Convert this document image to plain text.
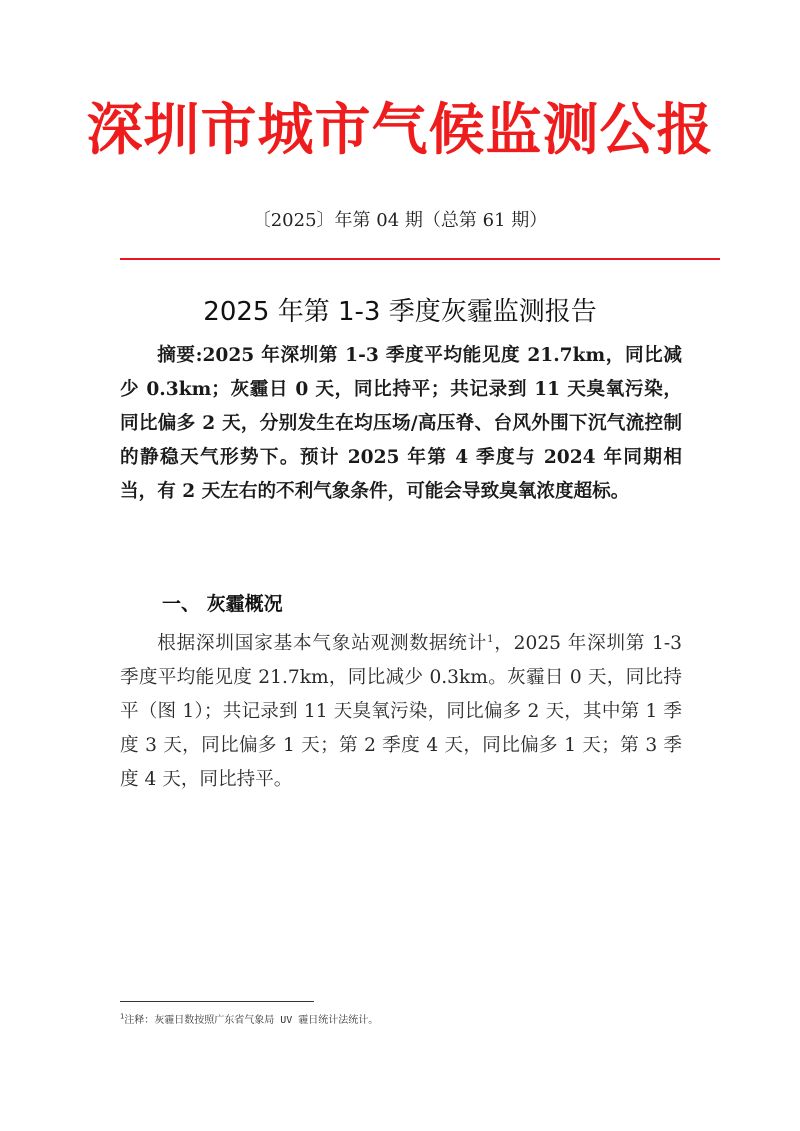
深圳市城市气候监测公报
〔2025〕年第 04 期（总第 61 期）
2025 年第 1-3 季度灰霾监测报告

摘要:2025 年深圳第 1-3 季度平均能见度 21.7km，同比减少 0.3km；灰霾日 0 天，同比持平；共记录到 11 天臭氧污染，同比偏多 2 天，分别发生在均压场/高压脊、台风外围下沉气流控制的静稳天气形势下。预计 2025 年第 4 季度与 2024 年同期相当，有 2 天左右的不利气象条件，可能会导致臭氧浓度超标。

一、 灰霾概况

根据深圳国家基本气象站观测数据统计$^1$，2025 年深圳第 1-3 季度平均能见度 21.7km，同比减少 0.3km。灰霾日 0 天，同比持平（图 1）；共记录到 11 天臭氧污染，同比偏多 2 天，其中第 1 季度 3 天，同比偏多 1 天；第 2 季度 4 天，同比偏多 1 天；第 3 季度 4 天，同比持平。

$^1$注释：灰霾日数按照广东省气象局 UV 霾日统计法统计。
